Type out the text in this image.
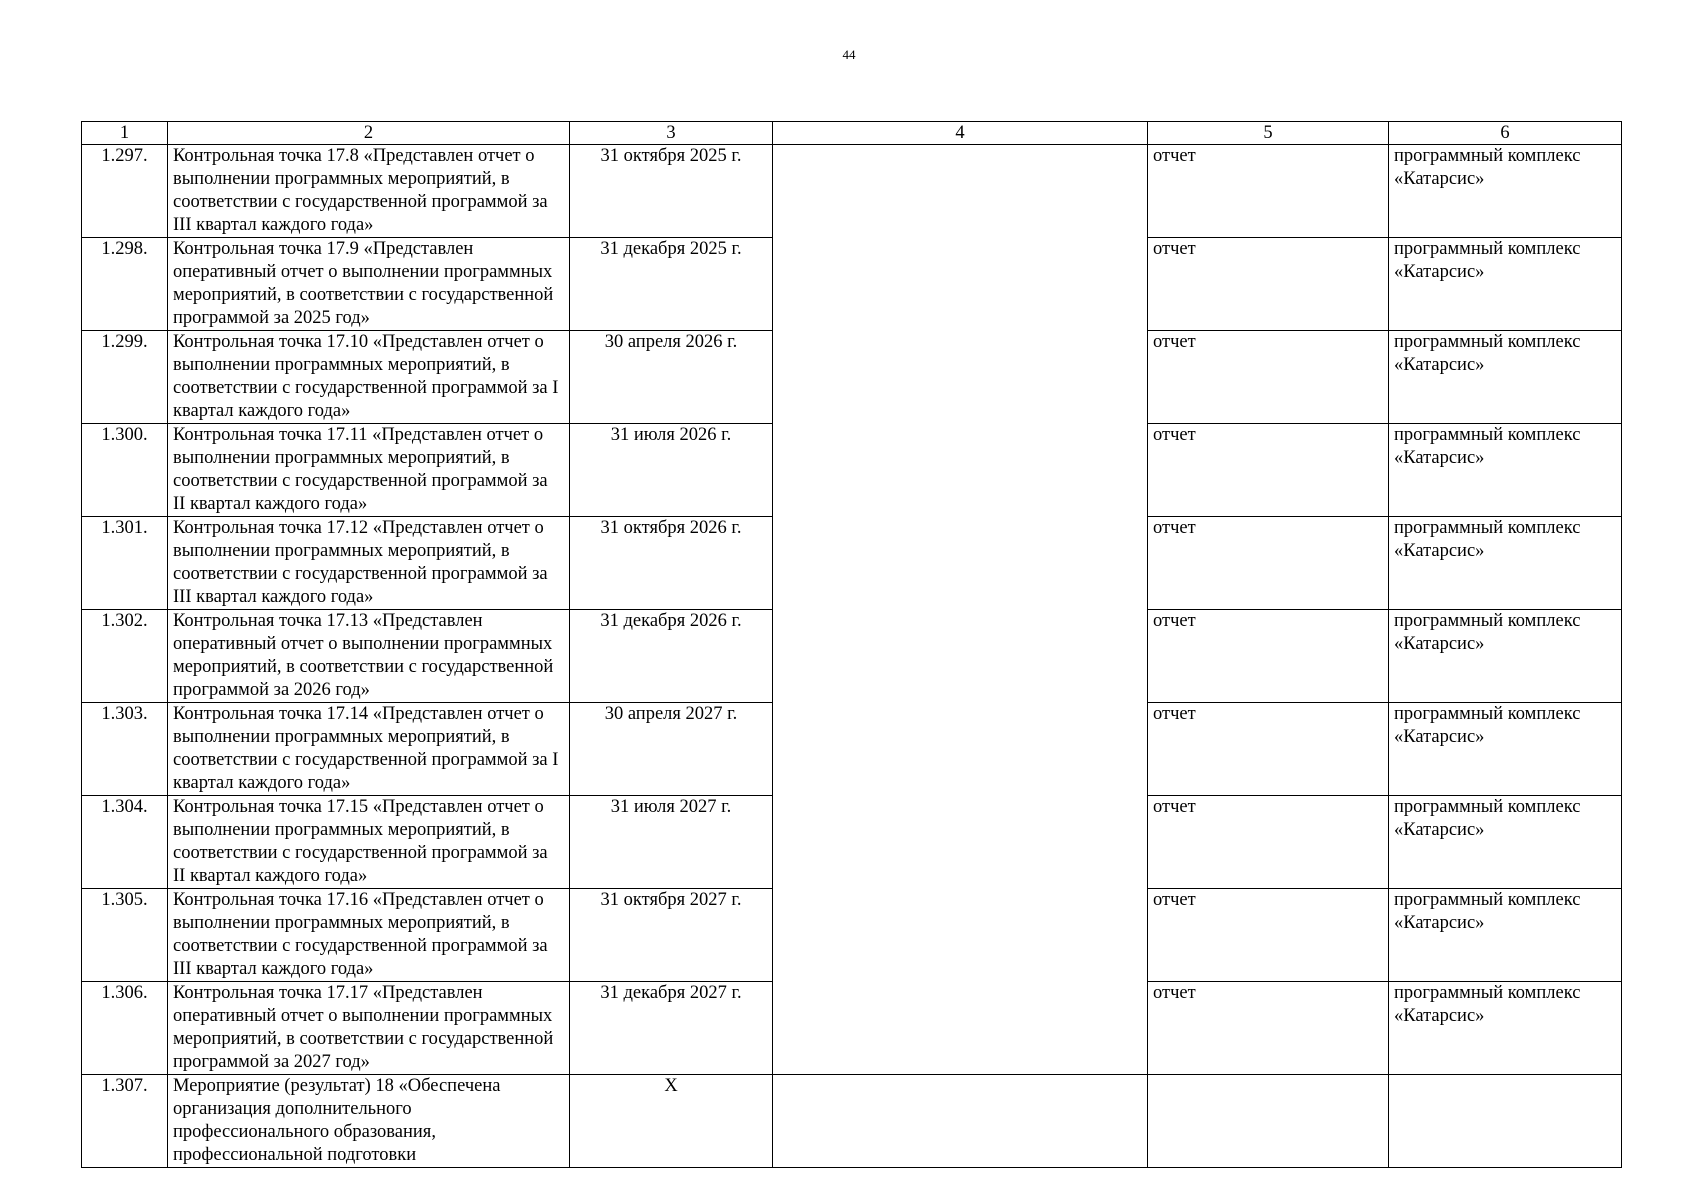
44
1	2	3	4	5	6
1.297.	Контрольная точка 17.8 «Представлен отчет о выполнении программных мероприятий, в соответствии с государственной программой за III квартал каждого года»	31 октября 2025 г.		отчет	программный комплекс «Катарсис»
1.298.	Контрольная точка 17.9 «Представлен оперативный отчет о выполнении программных мероприятий, в соответствии с государственной программой за 2025 год»	31 декабря 2025 г.		отчет	программный комплекс «Катарсис»
1.299.	Контрольная точка 17.10 «Представлен отчет о выполнении программных мероприятий, в соответствии с государственной программой за I квартал каждого года»	30 апреля 2026 г.		отчет	программный комплекс «Катарсис»
1.300.	Контрольная точка 17.11 «Представлен отчет о выполнении программных мероприятий, в соответствии с государственной программой за II квартал каждого года»	31 июля 2026 г.		отчет	программный комплекс «Катарсис»
1.301.	Контрольная точка 17.12 «Представлен отчет о выполнении программных мероприятий, в соответствии с государственной программой за III квартал каждого года»	31 октября 2026 г.		отчет	программный комплекс «Катарсис»
1.302.	Контрольная точка 17.13 «Представлен оперативный отчет о выполнении программных мероприятий, в соответствии с государственной программой за 2026 год»	31 декабря 2026 г.		отчет	программный комплекс «Катарсис»
1.303.	Контрольная точка 17.14 «Представлен отчет о выполнении программных мероприятий, в соответствии с государственной программой за I квартал каждого года»	30 апреля 2027 г.		отчет	программный комплекс «Катарсис»
1.304.	Контрольная точка 17.15 «Представлен отчет о выполнении программных мероприятий, в соответствии с государственной программой за II квартал каждого года»	31 июля 2027 г.		отчет	программный комплекс «Катарсис»
1.305.	Контрольная точка 17.16 «Представлен отчет о выполнении программных мероприятий, в соответствии с государственной программой за III квартал каждого года»	31 октября 2027 г.		отчет	программный комплекс «Катарсис»
1.306.	Контрольная точка 17.17 «Представлен оперативный отчет о выполнении программных мероприятий, в соответствии с государственной программой за 2027 год»	31 декабря 2027 г.		отчет	программный комплекс «Катарсис»
1.307.	Мероприятие (результат) 18 «Обеспечена организация дополнительного профессионального образования, профессиональной подготовки	X			
